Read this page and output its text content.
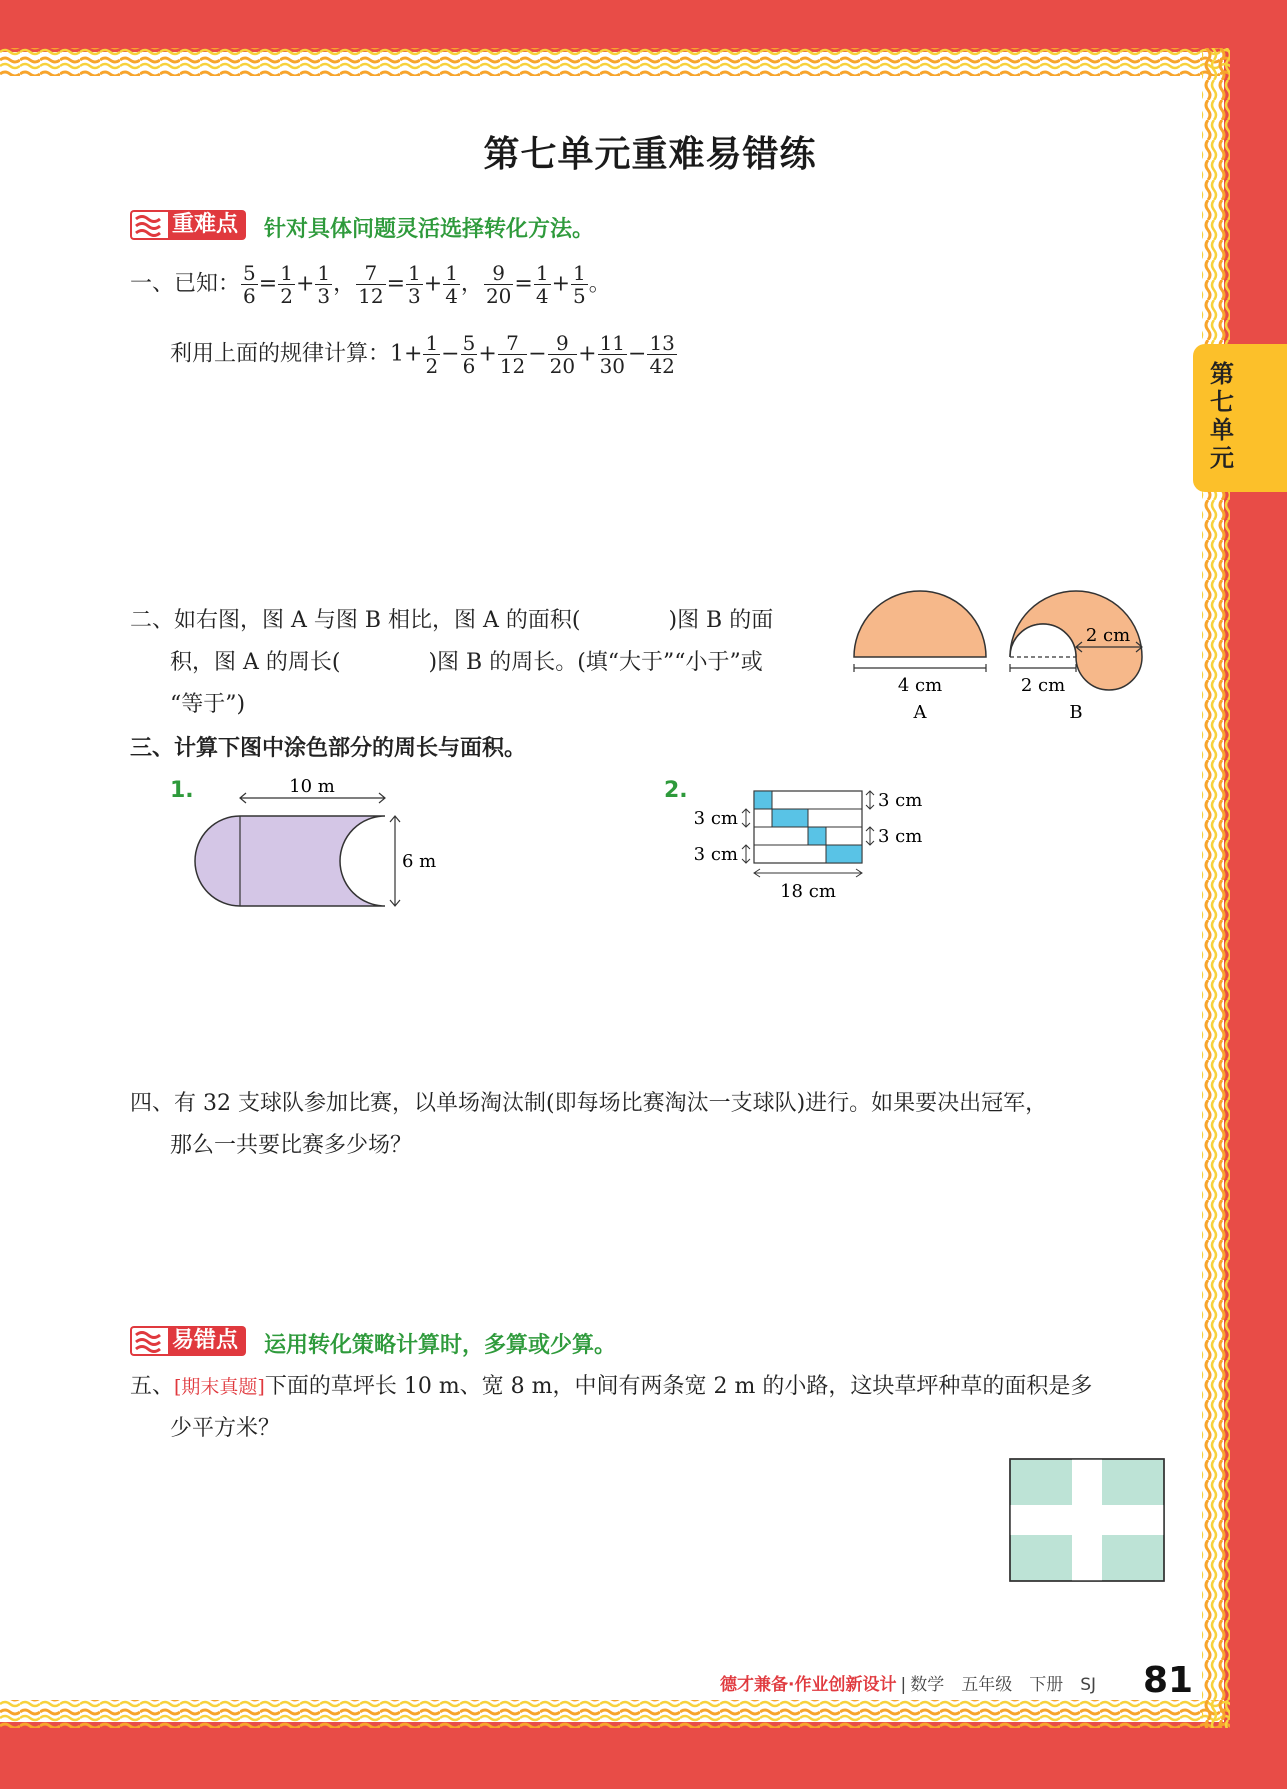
第七单元
第七单元重难易错练
重难点	针对具体问题灵活选择转化方法。
一、已知： $\frac{5}{6} = \frac{1}{2} + \frac{1}{3}$ ， $\frac{7}{12} = \frac{1}{3} + \frac{1}{4}$ ， $\frac{9}{20} = \frac{1}{4} + \frac{1}{5}$ 。
利用上面的规律计算：$1+ \frac{1}{2} - \frac{5}{6} + \frac{7}{12} - \frac{9}{20} + \frac{11}{30} - \frac{13}{42}$
二、如右图，图 A 与图 B 相比，图 A 的面积(　　　　)图 B 的面
积，图 A 的周长(　　　　)图 B 的周长。(填“大于”“小于”或
“等于”)
4 cm
A
2 cm
2 cm
B
三、计算下图中涂色部分的周长与面积。
1.	2.
10 m
6 m
3 cm
3 cm
3 cm
3 cm
18 cm
四、有 32 支球队参加比赛，以单场淘汰制(即每场比赛淘汰一支球队)进行。如果要决出冠军，
那么一共要比赛多少场？
易错点	运用转化策略计算时，多算或少算。
五、[期末真题]下面的草坪长 10 m、宽 8 m，中间有两条宽 2 m 的小路，这块草坪种草的面积是多
少平方米？
德才兼备·作业创新设计 | 数学　五年级　下册　SJ 81
